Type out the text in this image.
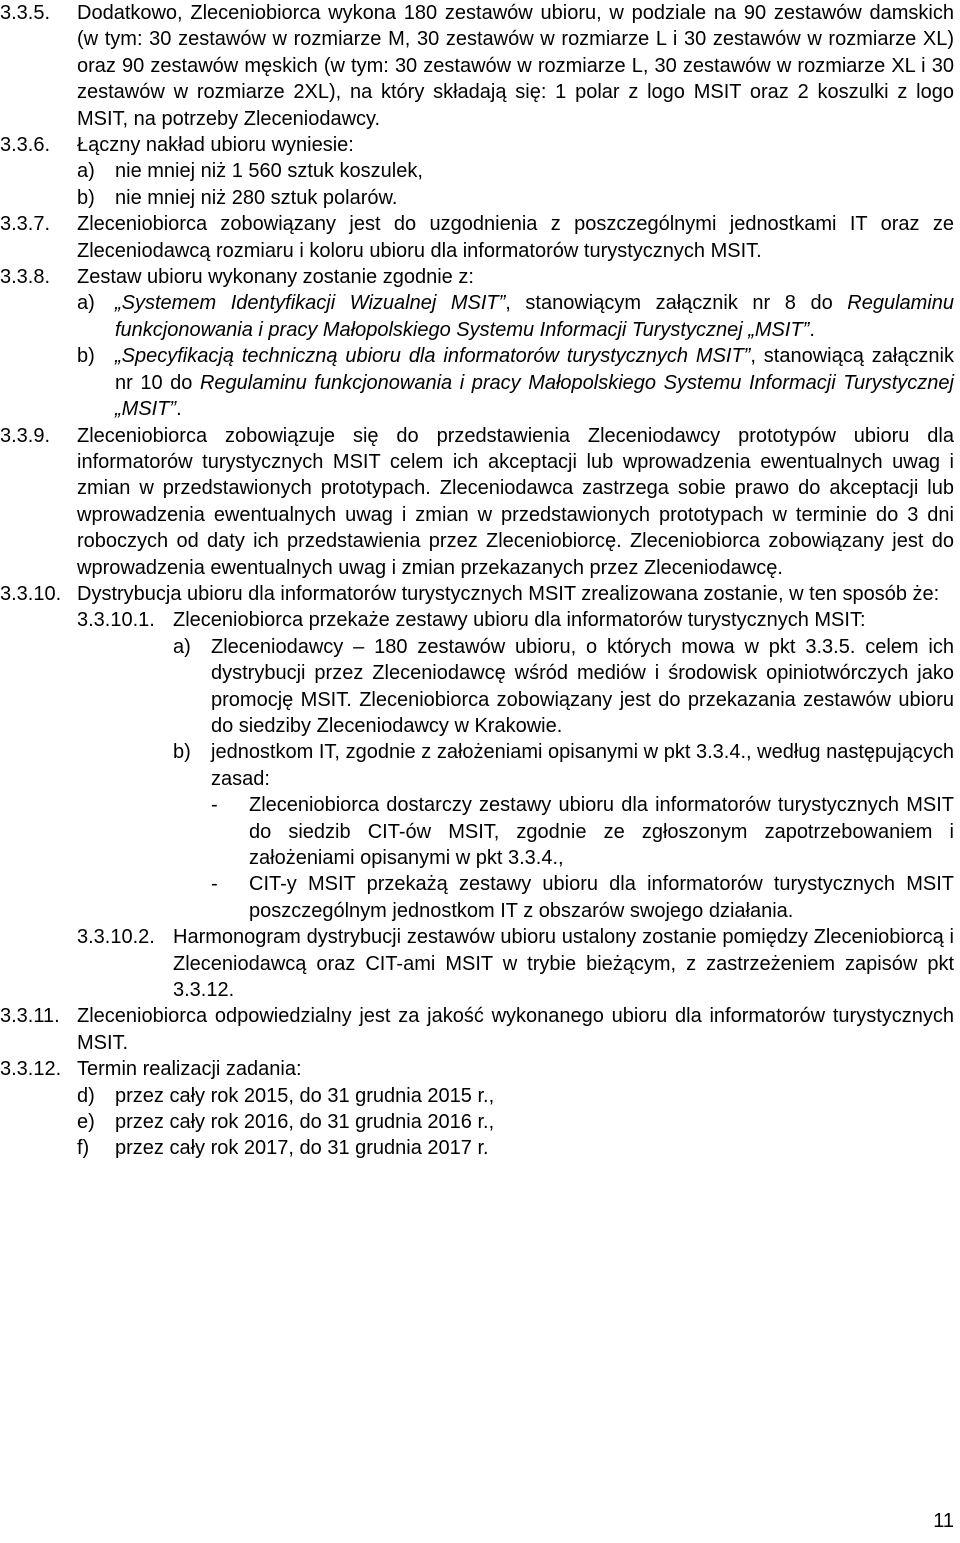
3.3.5.	Dodatkowo, Zleceniobiorca wykona 180 zestawów ubioru, w podziale na 90 zestawów damskich (w tym: 30 zestawów w rozmiarze M, 30 zestawów w rozmiarze L i 30 zestawów w rozmiarze XL) oraz 90 zestawów męskich (w tym: 30 zestawów w rozmiarze L, 30 zestawów w rozmiarze XL i 30 zestawów w rozmiarze 2XL), na który składają się: 1 polar z logo MSIT oraz 2 koszulki z logo MSIT, na potrzeby Zleceniodawcy.
3.3.6.	Łączny nakład ubioru wyniesie:
a)	nie mniej niż 1 560 sztuk koszulek,
b)	nie mniej niż 280 sztuk polarów.
3.3.7.	Zleceniobiorca zobowiązany jest do uzgodnienia z poszczególnymi jednostkami IT oraz ze Zleceniodawcą rozmiaru i koloru ubioru dla informatorów turystycznych MSIT.
3.3.8.	Zestaw ubioru wykonany zostanie zgodnie z:
a)	„Systemem Identyfikacji Wizualnej MSIT”, stanowiącym załącznik nr 8 do Regulaminu funkcjonowania i pracy Małopolskiego Systemu Informacji Turystycznej „MSIT”.
b)	„Specyfikacją techniczną ubioru dla informatorów turystycznych MSIT”, stanowiącą załącznik nr 10 do Regulaminu funkcjonowania i pracy Małopolskiego Systemu Informacji Turystycznej „MSIT”.
3.3.9.	Zleceniobiorca zobowiązuje się do przedstawienia Zleceniodawcy prototypów ubioru dla informatorów turystycznych MSIT celem ich akceptacji lub wprowadzenia ewentualnych uwag i zmian w przedstawionych prototypach. Zleceniodawca zastrzega sobie prawo do akceptacji lub wprowadzenia ewentualnych uwag i zmian w przedstawionych prototypach w terminie do 3 dni roboczych od daty ich przedstawienia przez Zleceniobiorcę. Zleceniobiorca zobowiązany jest do wprowadzenia ewentualnych uwag i zmian przekazanych przez Zleceniodawcę.
3.3.10. Dystrybucja ubioru dla informatorów turystycznych MSIT zrealizowana zostanie, w ten sposób że:
3.3.10.1. Zleceniobiorca przekaże zestawy ubioru dla informatorów turystycznych MSIT:
a)	Zleceniodawcy – 180 zestawów ubioru, o których mowa w pkt 3.3.5. celem ich dystrybucji przez Zleceniodawcę wśród mediów i środowisk opiniotwórczych jako promocję MSIT. Zleceniobiorca zobowiązany jest do przekazania zestawów ubioru do siedziby Zleceniodawcy w Krakowie.
b)	jednostkom IT, zgodnie z założeniami opisanymi w pkt 3.3.4., według następujących zasad:
-	Zleceniobiorca dostarczy zestawy ubioru dla informatorów turystycznych MSIT do siedzib CIT-ów MSIT, zgodnie ze zgłoszonym zapotrzebowaniem i założeniami opisanymi w pkt 3.3.4.,
-	CIT-y MSIT przekażą zestawy ubioru dla informatorów turystycznych MSIT poszczególnym jednostkom IT z obszarów swojego działania.
3.3.10.2. Harmonogram dystrybucji zestawów ubioru ustalony zostanie pomiędzy Zleceniobiorcą i Zleceniodawcą oraz CIT-ami MSIT w trybie bieżącym, z zastrzeżeniem zapisów pkt 3.3.12.
3.3.11. Zleceniobiorca odpowiedzialny jest za jakość wykonanego ubioru dla informatorów turystycznych MSIT.
3.3.12. Termin realizacji zadania:
d)	przez cały rok 2015, do 31 grudnia 2015 r.,
e)	przez cały rok 2016, do 31 grudnia 2016 r.,
f)	przez cały rok 2017, do 31 grudnia 2017 r.
11
